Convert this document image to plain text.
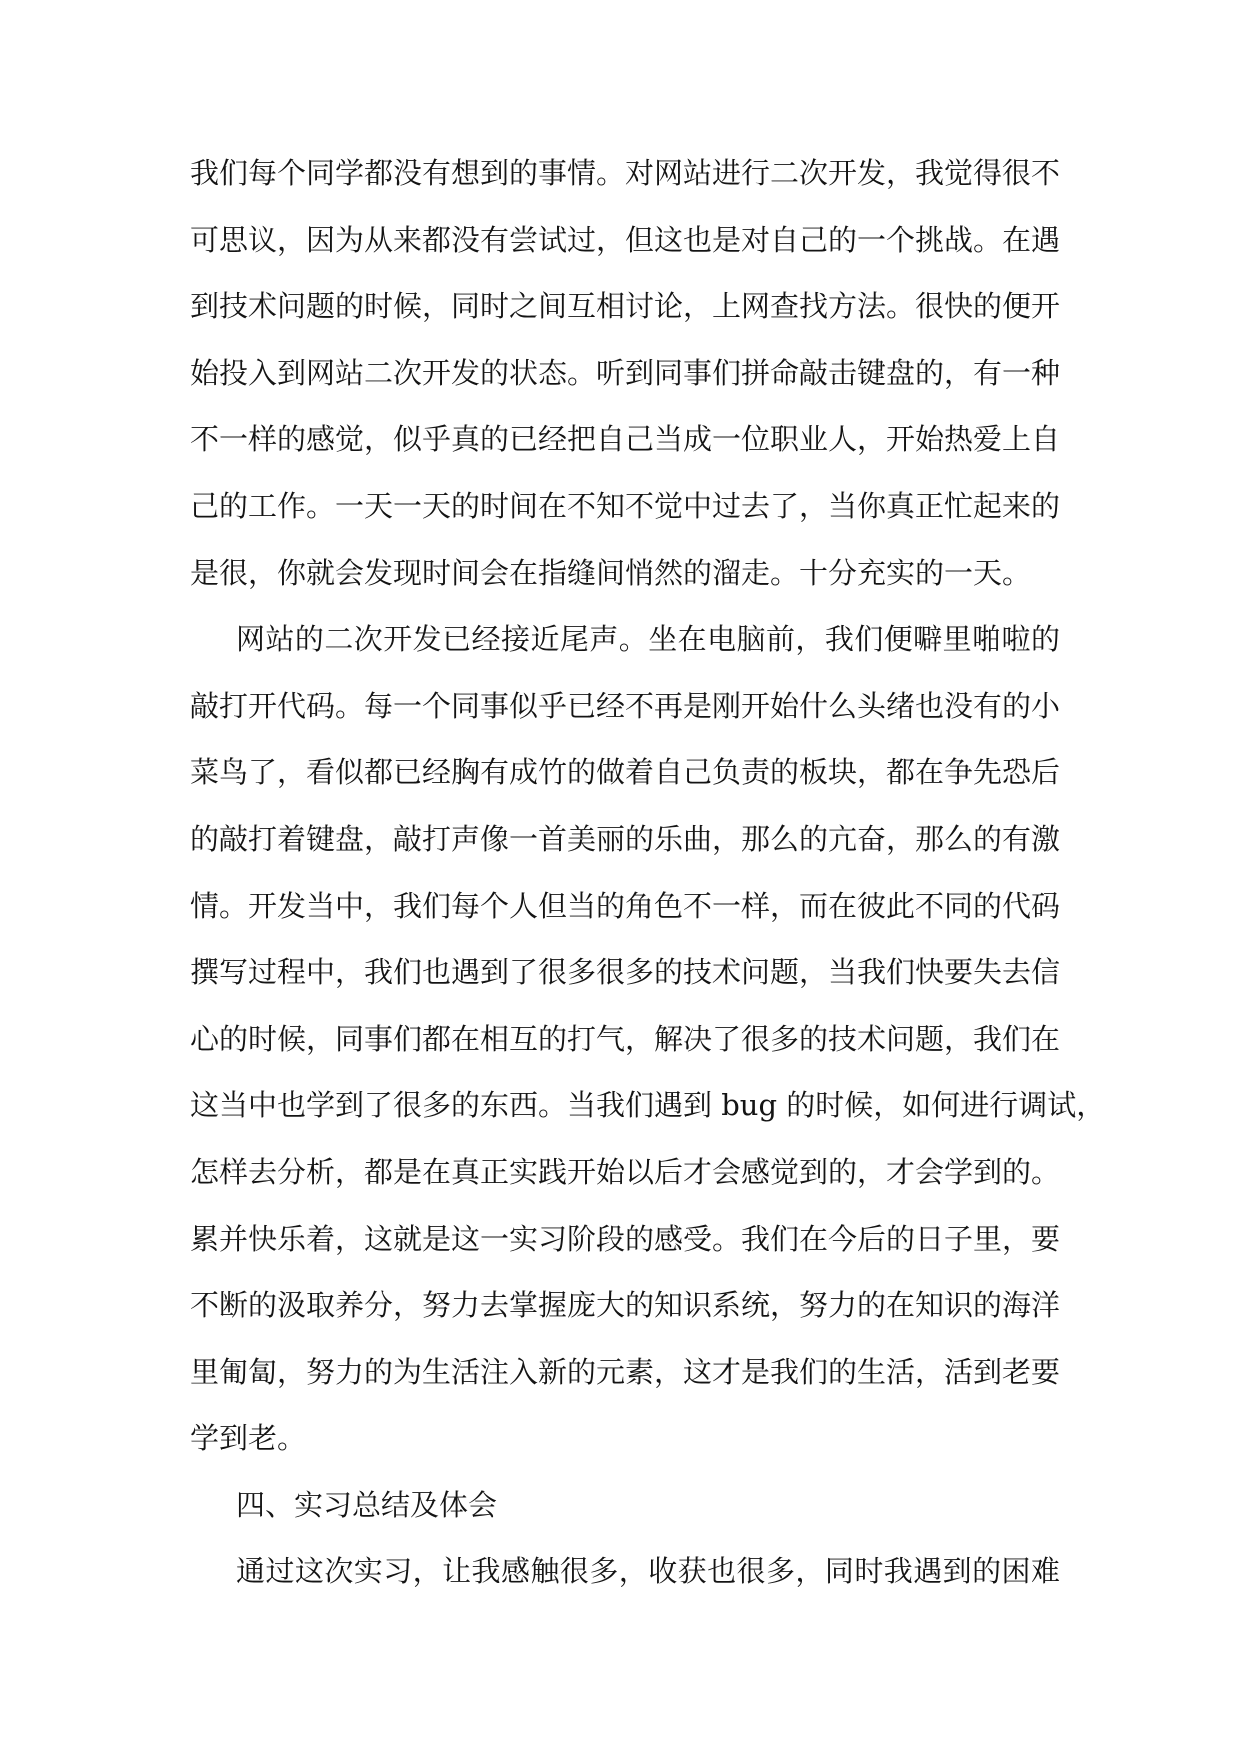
我们每个同学都没有想到的事情。对网站进行二次开发，我觉得很不
可思议，因为从来都没有尝试过，但这也是对自己的一个挑战。在遇
到技术问题的时候，同时之间互相讨论，上网查找方法。很快的便开
始投入到网站二次开发的状态。听到同事们拼命敲击键盘的，有一种
不一样的感觉，似乎真的已经把自己当成一位职业人，开始热爱上自
己的工作。一天一天的时间在不知不觉中过去了，当你真正忙起来的
是很，你就会发现时间会在指缝间悄然的溜走。十分充实的一天。
网站的二次开发已经接近尾声。坐在电脑前，我们便噼里啪啦的
敲打开代码。每一个同事似乎已经不再是刚开始什么头绪也没有的小
菜鸟了，看似都已经胸有成竹的做着自己负责的板块，都在争先恐后
的敲打着键盘，敲打声像一首美丽的乐曲，那么的亢奋，那么的有激
情。开发当中，我们每个人但当的角色不一样，而在彼此不同的代码
撰写过程中，我们也遇到了很多很多的技术问题，当我们快要失去信
心的时候，同事们都在相互的打气，解决了很多的技术问题，我们在
这当中也学到了很多的东西。当我们遇到 bug 的时候，如何进行调试，
怎样去分析，都是在真正实践开始以后才会感觉到的，才会学到的。
累并快乐着，这就是这一实习阶段的感受。我们在今后的日子里，要
不断的汲取养分，努力去掌握庞大的知识系统，努力的在知识的海洋
里匍匐，努力的为生活注入新的元素，这才是我们的生活，活到老要
学到老。
四、实习总结及体会
通过这次实习，让我感触很多，收获也很多，同时我遇到的困难
